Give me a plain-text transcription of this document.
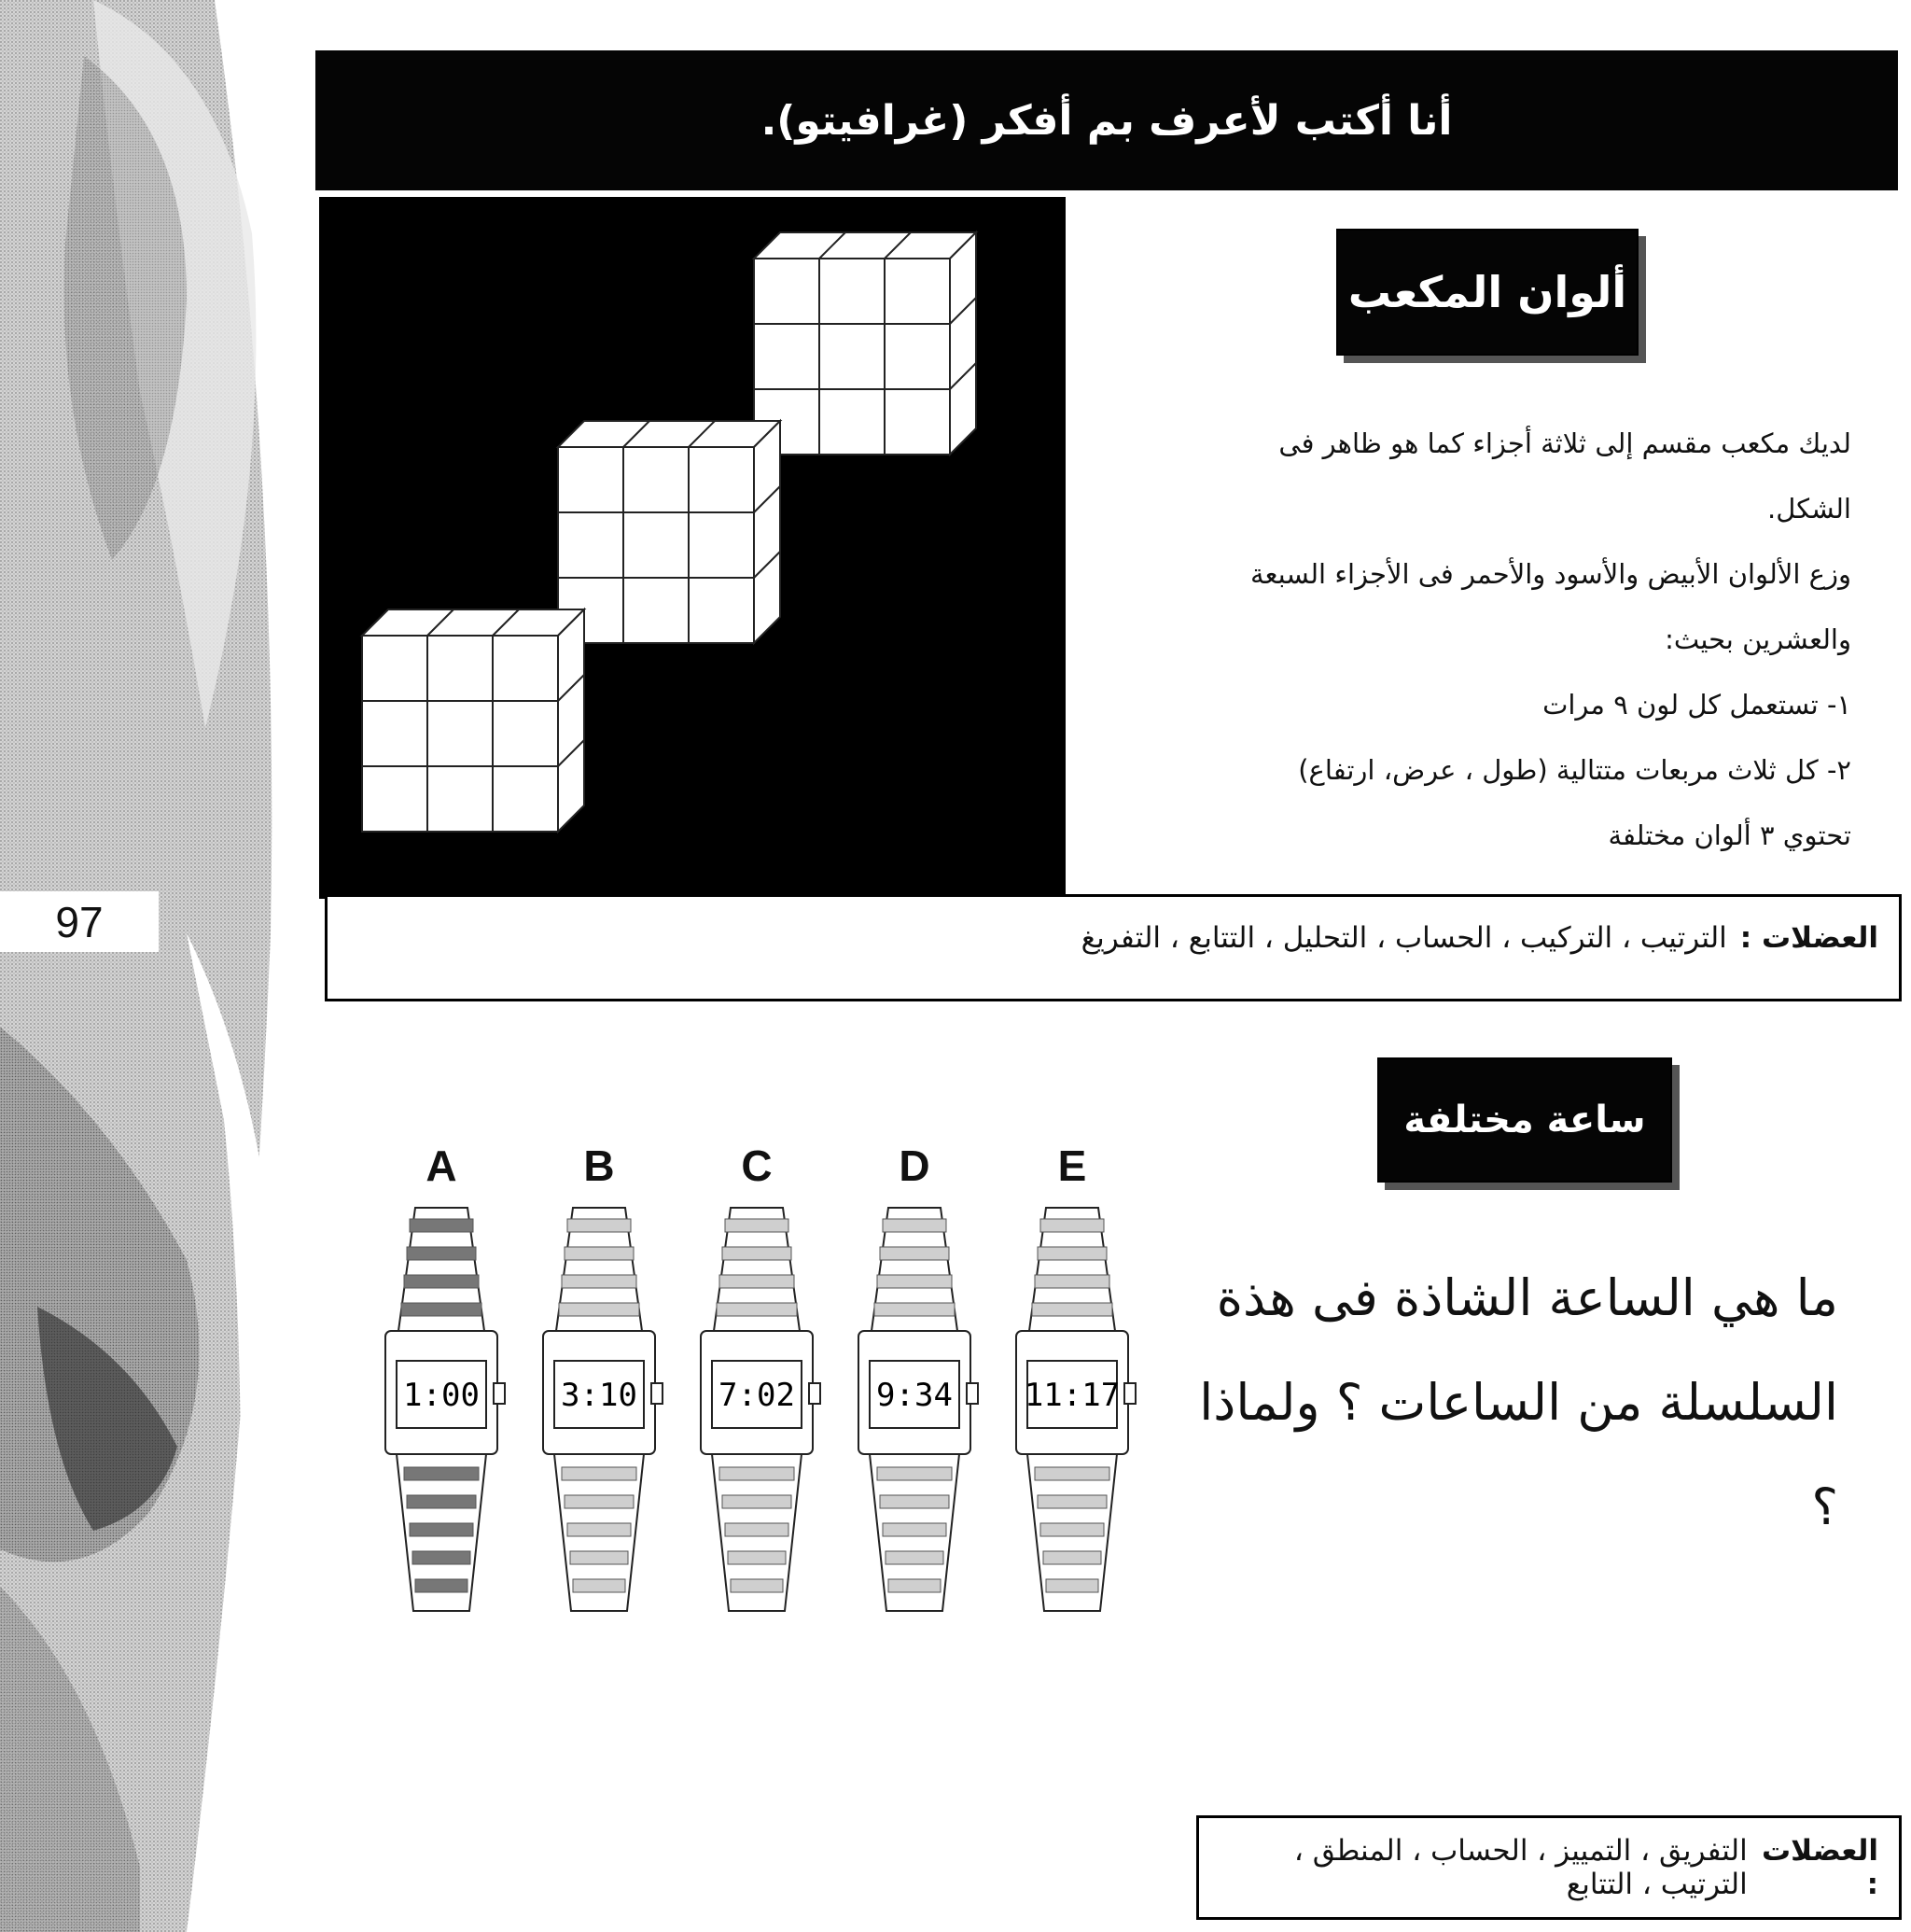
97
أنا أكتب لأعرف بم أفكر (غرافيتو).
ألوان المكعب

لديك مكعب مقسم إلى ثلاثة أجزاء كما هو ظاهر فى

الشكل.

وزع الألوان الأبيض والأسود والأحمر فى الأجزاء السبعة

والعشرين بحيث:

١- تستعمل كل لون ٩ مرات

٢- كل ثلاث مربعات متتالية (طول ، عرض، ارتفاع)

تحتوي ٣ ألوان مختلفة

العضلات :
الترتيب ، التركيب ، الحساب ، التحليل ، التتابع ، التفريغ
ساعة مختلفة
A
1:00
B
3:10
C
7:02
D
9:34
E
11:17

ما هي الساعة الشاذة فى هذة

السلسلة من الساعات ؟ ولماذا ؟

العضلات :
التفريق ، التمييز ، الحساب ، المنطق ، الترتيب ، التتابع
